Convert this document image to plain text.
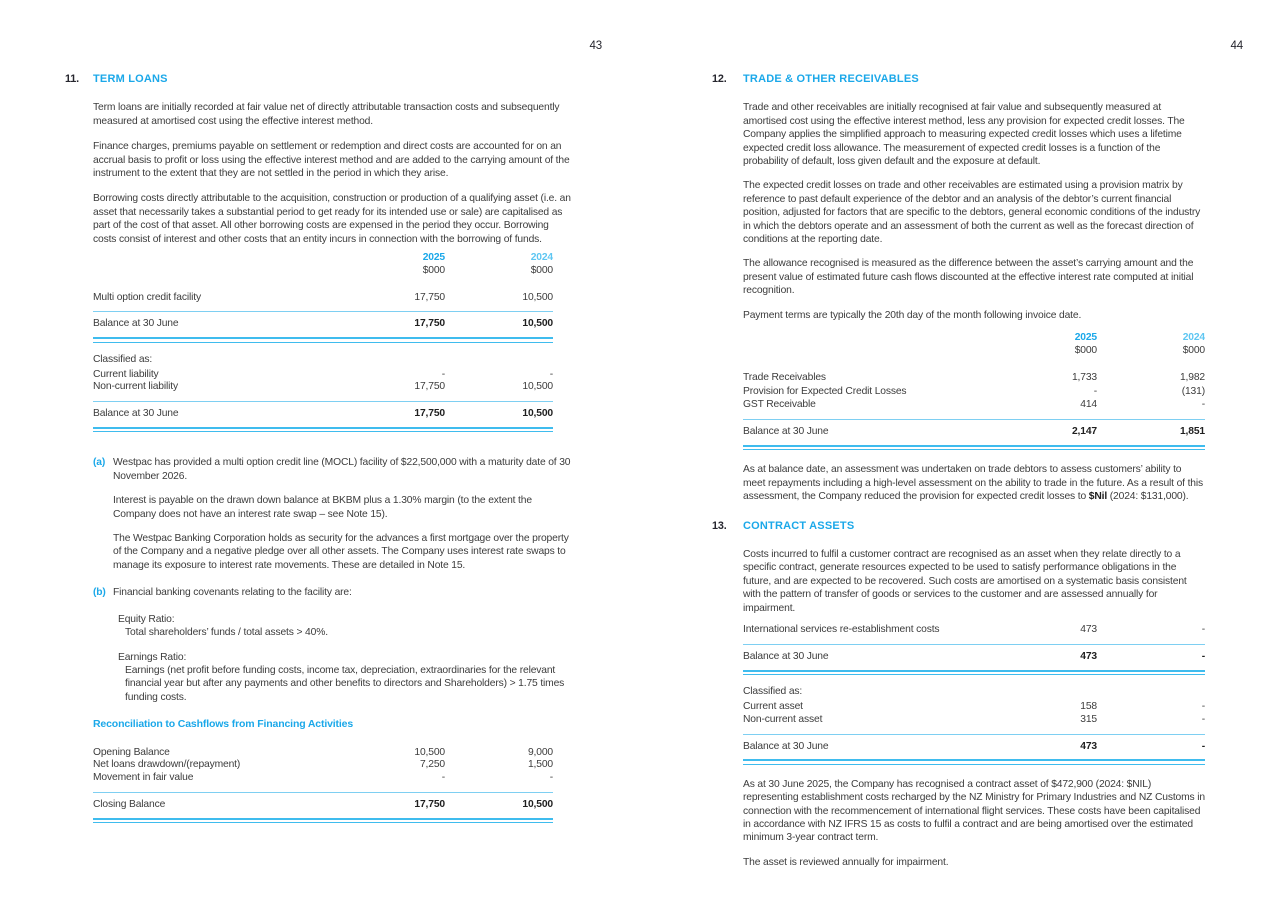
43
11.	TERM LOANS

Term loans are initially recorded at fair value net of directly attributable transaction costs and subsequently measured at amortised cost using the effective interest method.

Finance charges, premiums payable on settlement or redemption and direct costs are accounted for on an accrual basis to profit or loss using the effective interest method and are added to the carrying amount of the instrument to the extent that they are not settled in the period in which they arise.

Borrowing costs directly attributable to the acquisition, construction or production of a qualifying asset (i.e. an asset that necessarily takes a substantial period to get ready for its intended use or sale) are capitalised as part of the cost of that asset. All other borrowing costs are expensed in the period they occur. Borrowing costs consist of interest and other costs that an entity incurs in connection with the borrowing of funds.

2025	2024
$000	$000
Multi option credit facility	17,750	10,500
Balance at 30 June	17,750	10,500
Classified as:
Current liability	-	-
Non-current liability	17,750	10,500
Balance at 30 June	17,750	10,500
(a) Westpac has provided a multi option credit line (MOCL) facility of $22,500,000 with a maturity date of 30 November 2026.

Interest is payable on the drawn down balance at BKBM plus a 1.30% margin (to the extent the Company does not have an interest rate swap – see Note 15).

The Westpac Banking Corporation holds as security for the advances a first mortgage over the property of the Company and a negative pledge over all other assets. The Company uses interest rate swaps to manage its exposure to interest rate movements. These are detailed in Note 15.

(b) Financial banking covenants relating to the facility are:

Equity Ratio:
Total shareholders’ funds / total assets > 40%.
Earnings Ratio:
Earnings (net profit before funding costs, income tax, depreciation, extraordinaries for the relevant financial year but after any payments and other benefits to directors and Shareholders) > 1.75 times funding costs.
Reconciliation to Cashflows from Financing Activities
Opening Balance	10,500	9,000
Net loans drawdown/(repayment)	7,250	1,500
Movement in fair value	-	-
Closing Balance	17,750	10,500
44
12.	TRADE & OTHER RECEIVABLES

Trade and other receivables are initially recognised at fair value and subsequently measured at amortised cost using the effective interest method, less any provision for expected credit losses. The Company applies the simplified approach to measuring expected credit losses which uses a lifetime expected credit loss allowance. The measurement of expected credit losses is a function of the probability of default, loss given default and the exposure at default.

The expected credit losses on trade and other receivables are estimated using a provision matrix by reference to past default experience of the debtor and an analysis of the debtor’s current financial position, adjusted for factors that are specific to the debtors, general economic conditions of the industry in which the debtors operate and an assessment of both the current as well as the forecast direction of conditions at the reporting date.

The allowance recognised is measured as the difference between the asset’s carrying amount and the present value of estimated future cash flows discounted at the effective interest rate computed at initial recognition.

Payment terms are typically the 20th day of the month following invoice date.

2025	2024
$000	$000
Trade Receivables	1,733	1,982
Provision for Expected Credit Losses	-	(131)
GST Receivable	414	-
Balance at 30 June	2,147	1,851

As at balance date, an assessment was undertaken on trade debtors to assess customers’ ability to meet repayments including a high-level assessment on the ability to trade in the future. As a result of this assessment, the Company reduced the provision for expected credit losses to $Nil (2024: $131,000).

13.	CONTRACT ASSETS

Costs incurred to fulfil a customer contract are recognised as an asset when they relate directly to a specific contract, generate resources expected to be used to satisfy performance obligations in the future, and are expected to be recovered. Such costs are amortised on a systematic basis consistent with the pattern of transfer of goods or services to the customer and are assessed annually for impairment.

International services re-establishment costs	473	-
Balance at 30 June	473	-
Classified as:
Current asset	158	-
Non-current asset	315	-
Balance at 30 June	473	-

As at 30 June 2025, the Company has recognised a contract asset of $472,900 (2024: $NIL) representing establishment costs recharged by the NZ Ministry for Primary Industries and NZ Customs in connection with the recommencement of international flight services. These costs have been capitalised in accordance with NZ IFRS 15 as costs to fulfil a contract and are being amortised over the estimated minimum 3-year contract term.

The asset is reviewed annually for impairment.
